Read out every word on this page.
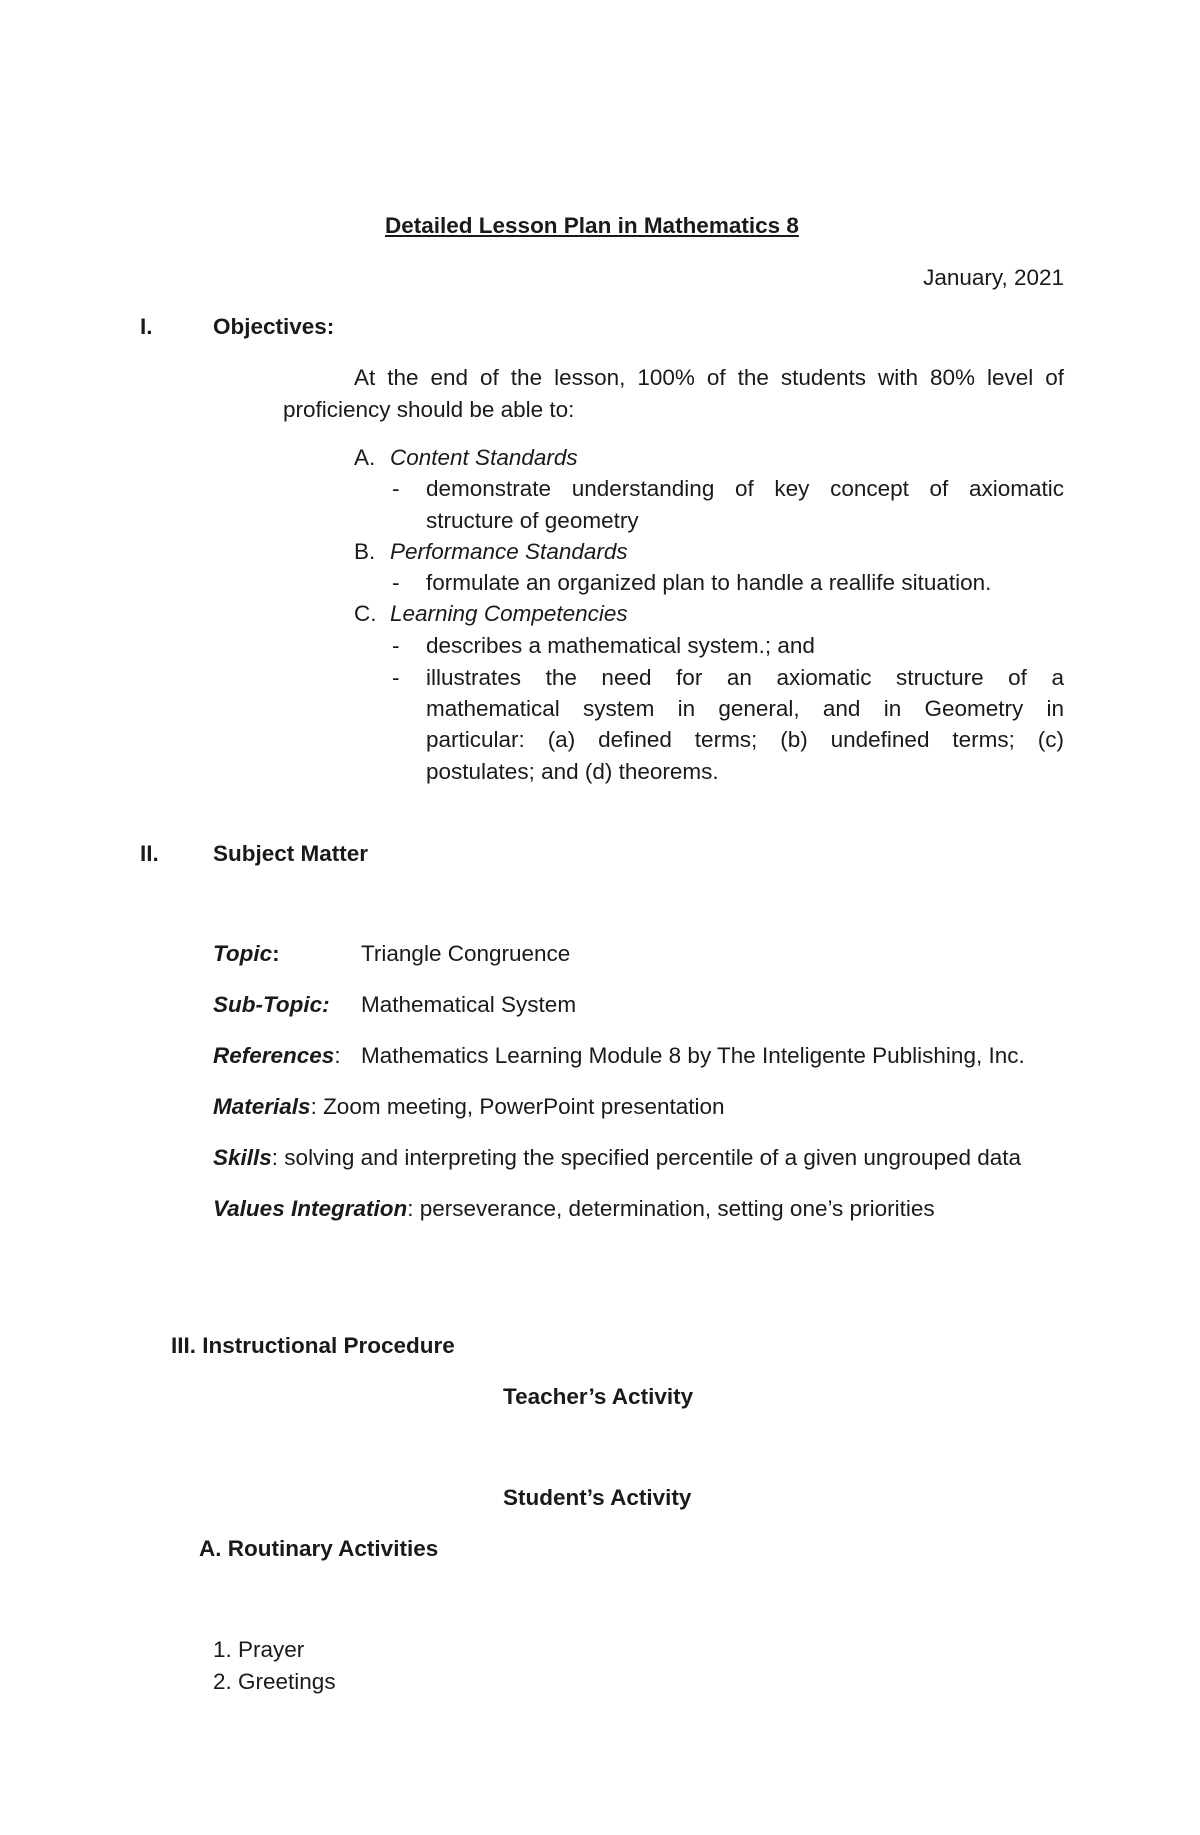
Detailed Lesson Plan in Mathematics 8
January, 2021
I.	Objectives:
At the end of the lesson, 100% of the students with 80% level of
proficiency should be able to:
A. Content Standards
- demonstrate understanding of key concept of axiomatic
structure of geometry
B. Performance Standards
- formulate an organized plan to handle a reallife situation.
C. Learning Competencies
- describes a mathematical system.; and
- illustrates the need for an axiomatic structure of a
mathematical system in general, and in Geometry in
particular: (a) defined terms; (b) undefined terms; (c)
postulates; and (d) theorems.
II. Subject Matter
Topic:	Triangle Congruence
Sub-Topic: Mathematical System
References: Mathematics Learning Module 8 by The Inteligente Publishing, Inc.
Materials: Zoom meeting, PowerPoint presentation
Skills: solving and interpreting the specified percentile of a given ungrouped data
Values Integration: perseverance, determination, setting one’s priorities
III. Instructional Procedure
Teacher’s Activity
Student’s Activity
A. Routinary Activities
1. Prayer
2. Greetings
